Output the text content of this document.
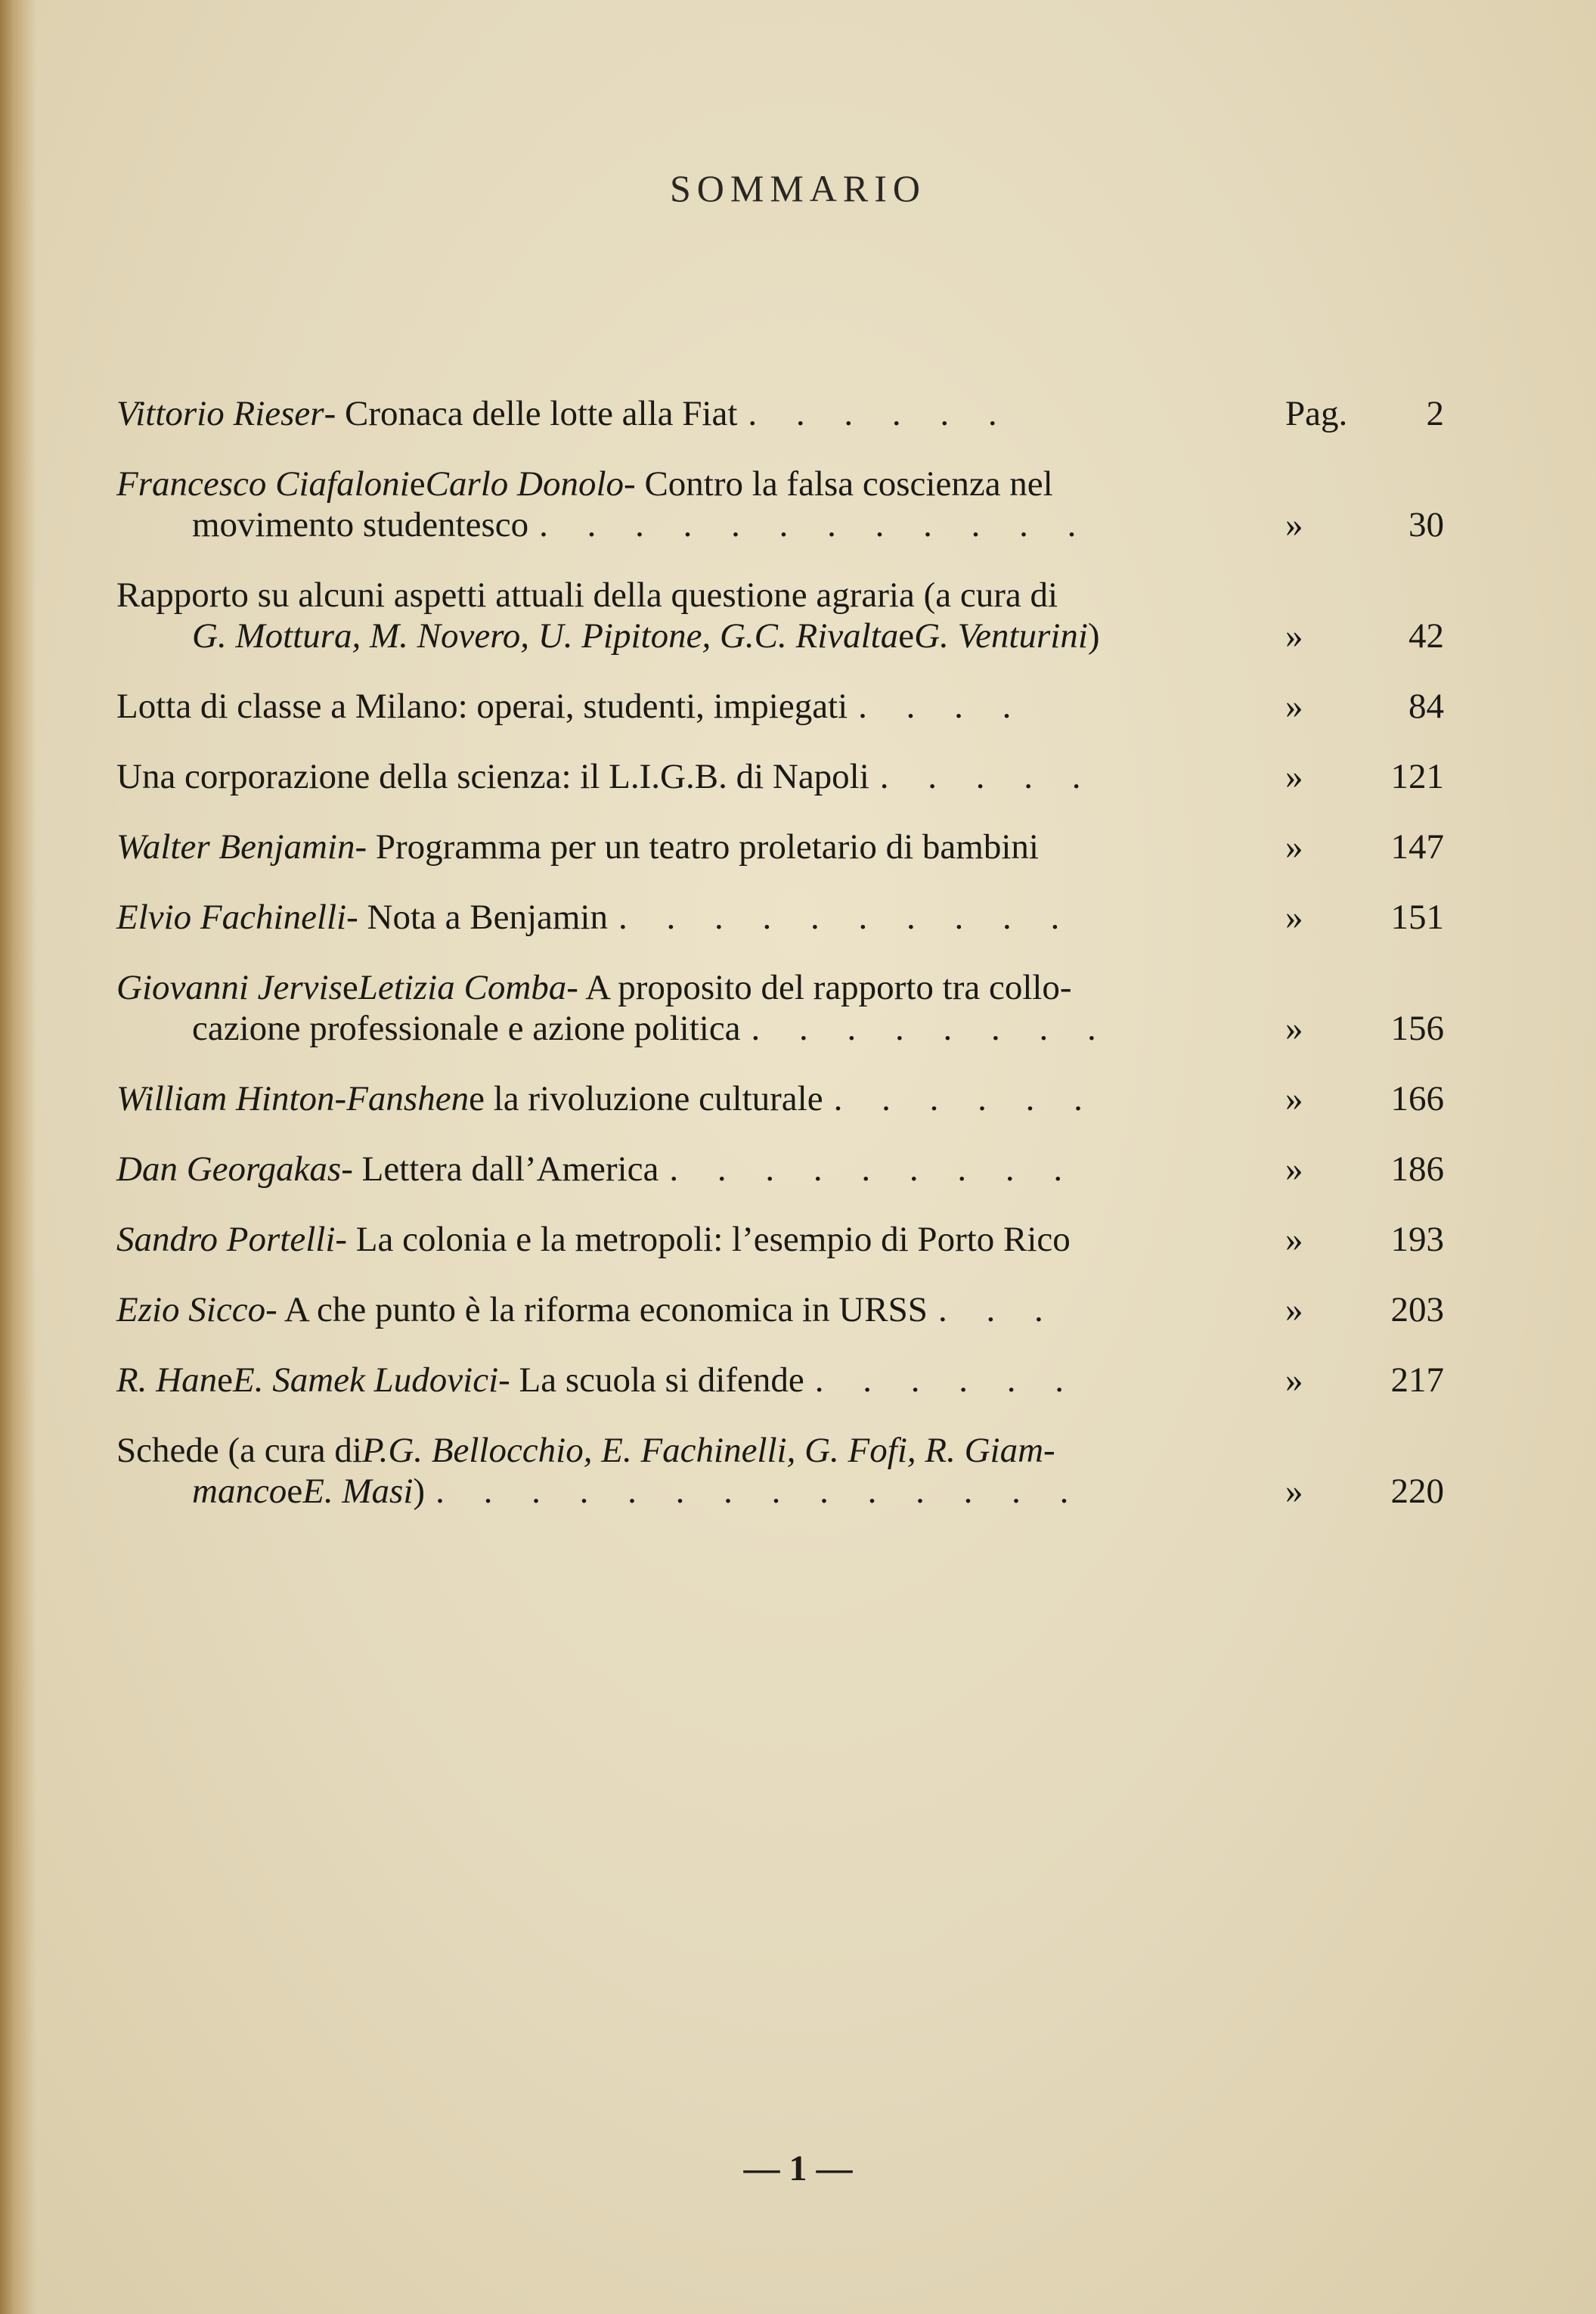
SOMMARIO
Vittorio Rieser- Cronaca delle lotte alla Fiat. . . . . .	Pag.	2
Francesco CiafalonieCarlo Donolo- Contro la falsa coscienza nel
movimento studentesco. . . . . . . . . . . .	»	30
Rapporto su alcuni aspetti attuali della questione agraria (a cura di
G. Mottura, M. Novero, U. Pipitone, G.C. RivaltaeG. Venturini)	»	42
Lotta di classe a Milano: operai, studenti, impiegati. . . .	»	84
Una corporazione della scienza: il L.I.G.B. di Napoli. . . . .	»	121
Walter Benjamin- Programma per un teatro proletario di bambini	»	147
Elvio Fachinelli- Nota a Benjamin. . . . . . . . . .	»	151
Giovanni JerviseLetizia Comba- A proposito del rapporto tra collo-
cazione professionale e azione politica. . . . . . . .	»	156
William Hinton-Fanshene la rivoluzione culturale. . . . . .	»	166
Dan Georgakas- Lettera dall’America. . . . . . . . .	»	186
Sandro Portelli- La colonia e la metropoli: l’esempio di Porto Rico	»	193
Ezio Sicco- A che punto è la riforma economica in URSS. . .	»	203
R. HaneE. Samek Ludovici- La scuola si difende. . . . . .	»	217
Schede (a cura diP.G. Bellocchio, E. Fachinelli, G. Fofi, R. Giam-
mancoeE. Masi). . . . . . . . . . . . . .	»	220
— 1 —
